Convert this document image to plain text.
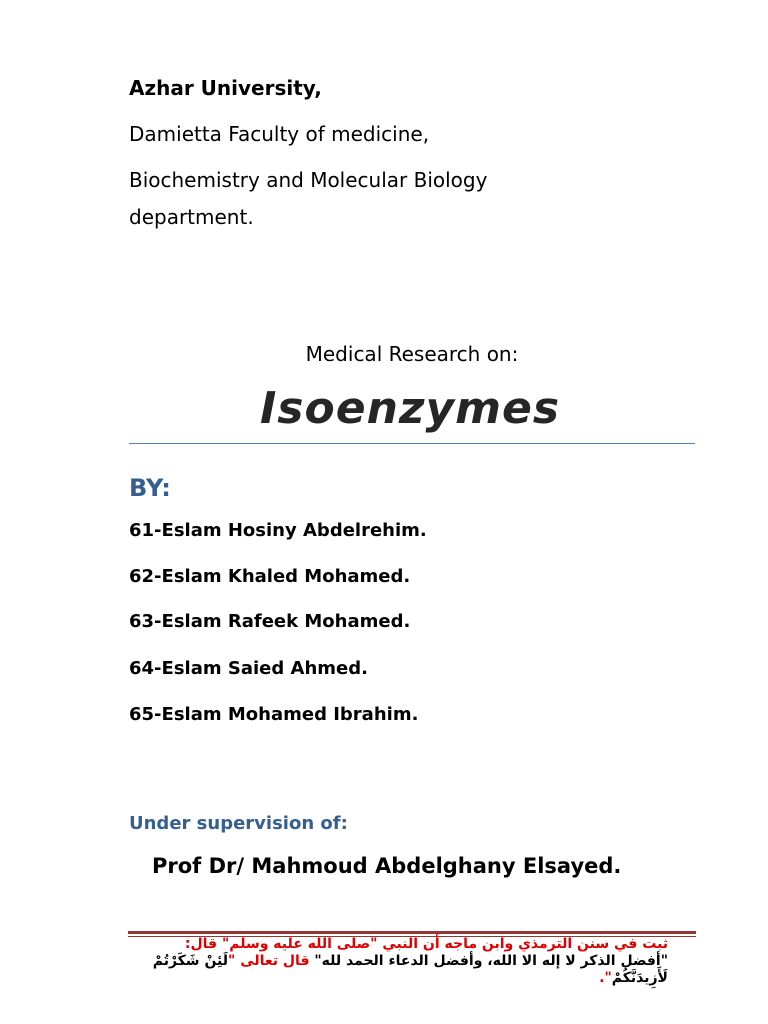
Azhar University,
Damietta Faculty of medicine,
Biochemistry and Molecular Biology
department.
Medical Research on:
Isoenzymes
BY:
61-Eslam Hosiny Abdelrehim.
62-Eslam Khaled Mohamed.
63-Eslam Rafeek Mohamed.
64-Eslam Saied Ahmed.
65-Eslam Mohamed Ibrahim.
Under supervision of:
Prof Dr/ Mahmoud Abdelghany Elsayed.
ثبت في سنن الترمذي وابن ماجه أن النبي "صلى الله عليه وسلم" قال:
"أفضل الذكر لا إله الا الله، وأفضل الدعاء الحمد لله" قال تعالى "لَئِنْ شَكَرْتُمْ لَأَزِيدَنَّكُمْ".
